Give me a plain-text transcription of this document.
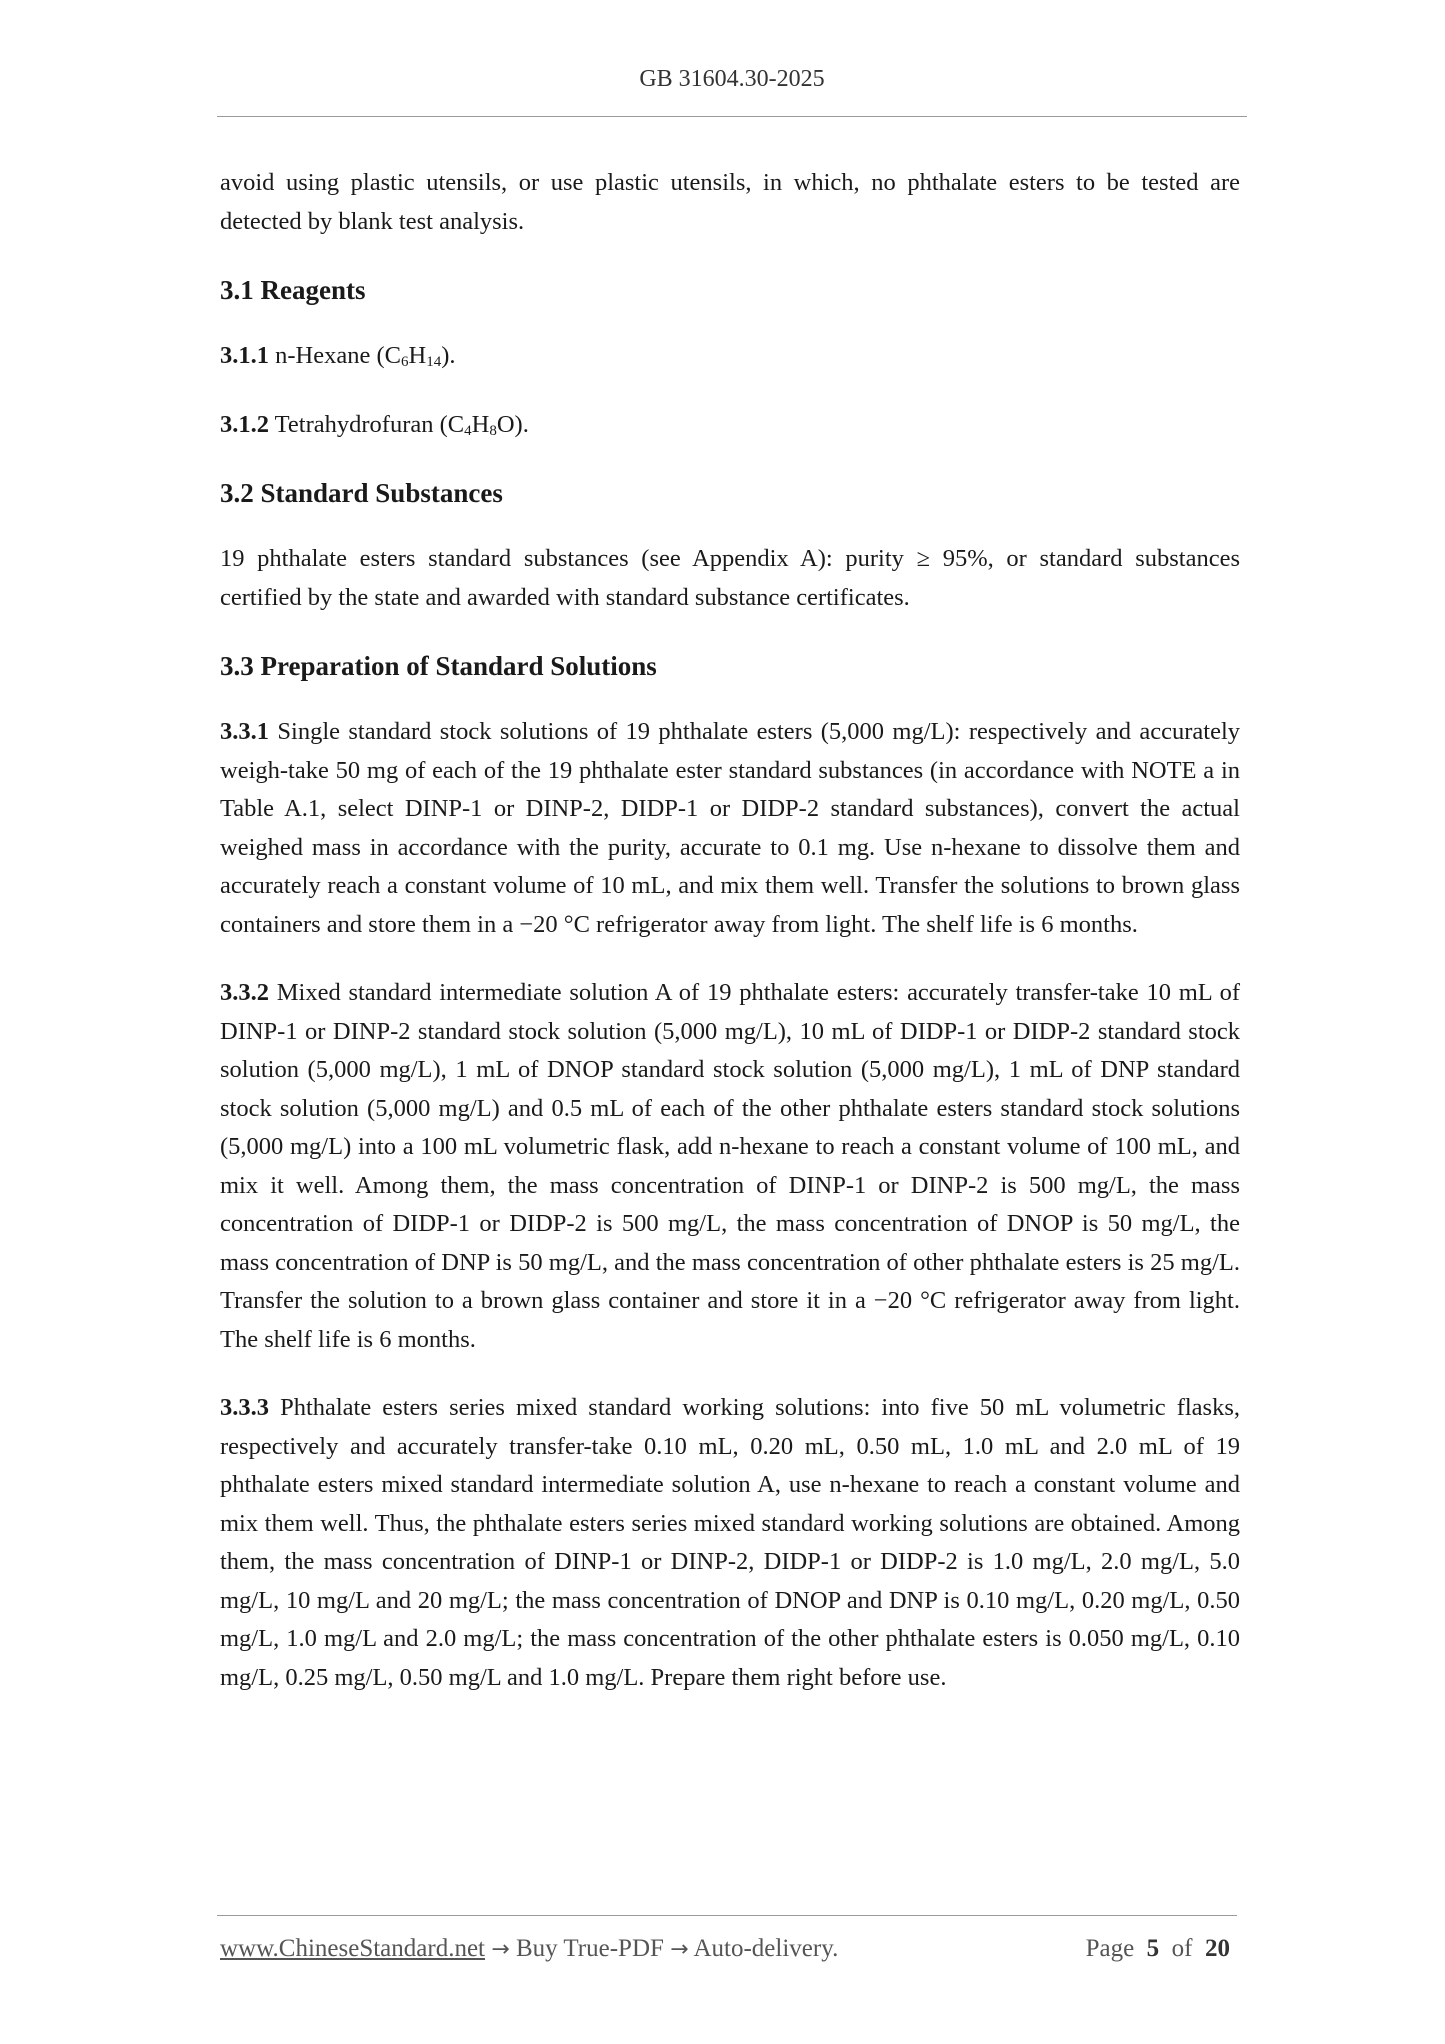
GB 31604.30-2025

avoid using plastic utensils, or use plastic utensils, in which, no phthalate esters to be tested are detected by blank test analysis.

3.1 Reagents

3.1.1 n-Hexane $(C_6H_{14})$.

3.1.2 Tetrahydrofuran $(C_4H_8O)$.

3.2 Standard Substances

19 phthalate esters standard substances (see Appendix A): purity ≥ 95%, or standard substances certified by the state and awarded with standard substance certificates.

3.3 Preparation of Standard Solutions

3.3.1 Single standard stock solutions of 19 phthalate esters (5,000 mg/L): respectively and accurately weigh-take 50 mg of each of the 19 phthalate ester standard substances (in accordance with NOTE a in Table A.1, select DINP-1 or DINP-2, DIDP-1 or DIDP-2 standard substances), convert the actual weighed mass in accordance with the purity, accurate to 0.1 mg. Use n-hexane to dissolve them and accurately reach a constant volume of 10 mL, and mix them well. Transfer the solutions to brown glass containers and store them in a −20 °C refrigerator away from light. The shelf life is 6 months.

3.3.2 Mixed standard intermediate solution A of 19 phthalate esters: accurately transfer-take 10 mL of DINP-1 or DINP-2 standard stock solution (5,000 mg/L), 10 mL of DIDP-1 or DIDP-2 standard stock solution (5,000 mg/L), 1 mL of DNOP standard stock solution (5,000 mg/L), 1 mL of DNP standard stock solution (5,000 mg/L) and 0.5 mL of each of the other phthalate esters standard stock solutions (5,000 mg/L) into a 100 mL volumetric flask, add n-hexane to reach a constant volume of 100 mL, and mix it well. Among them, the mass concentration of DINP-1 or DINP-2 is 500 mg/L, the mass concentration of DIDP-1 or DIDP-2 is 500 mg/L, the mass concentration of DNOP is 50 mg/L, the mass concentration of DNP is 50 mg/L, and the mass concentration of other phthalate esters is 25 mg/L. Transfer the solution to a brown glass container and store it in a −20 °C refrigerator away from light. The shelf life is 6 months.

3.3.3 Phthalate esters series mixed standard working solutions: into five 50 mL volumetric flasks, respectively and accurately transfer-take 0.10 mL, 0.20 mL, 0.50 mL, 1.0 mL and 2.0 mL of 19 phthalate esters mixed standard intermediate solution A, use n-hexane to reach a constant volume and mix them well. Thus, the phthalate esters series mixed standard working solutions are obtained. Among them, the mass concentration of DINP-1 or DINP-2, DIDP-1 or DIDP-2 is 1.0 mg/L, 2.0 mg/L, 5.0 mg/L, 10 mg/L and 20 mg/L; the mass concentration of DNOP and DNP is 0.10 mg/L, 0.20 mg/L, 0.50 mg/L, 1.0 mg/L and 2.0 mg/L; the mass concentration of the other phthalate esters is 0.050 mg/L, 0.10 mg/L, 0.25 mg/L, 0.50 mg/L and 1.0 mg/L. Prepare them right before use.

www.ChineseStandard.net → Buy True-PDF → Auto-delivery.	Page 5 of 20
